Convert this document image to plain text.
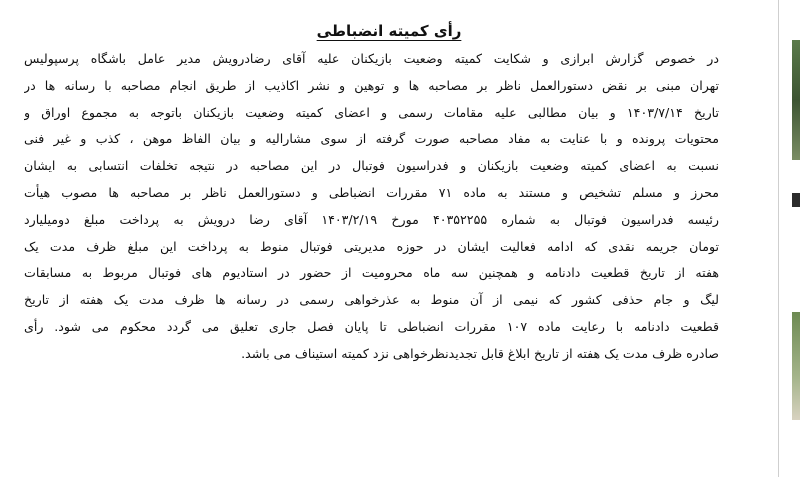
رأی کمیته انضباطی
در خصوص گزارش ابرازی و شکایت کمیته وضعیت بازیکنان علیه آقای رضادرویش مدیر عامل باشگاه پرسپولیس
تهران مبنی بر نقض دستورالعمل ناظر بر مصاحبه ها و توهین و نشر اکاذیب از طریق انجام مصاحبه با رسانه ها در
تاریخ ۱۴۰۳/۷/۱۴ و بیان مطالبی علیه مقامات رسمی و اعضای کمیته وضعیت بازیکنان باتوجه به مجموع اوراق و
محتویات پرونده و با عنایت به مفاد مصاحبه صورت گرفته از سوی مشارالیه و بیان الفاظ موهن ، کذب و غیر فنی
نسبت به اعضای کمیته وضعیت بازیکنان و فدراسیون فوتبال در این مصاحبه در نتیجه تخلفات انتسابی به ایشان
محرز و مسلم تشخیص و مستند به ماده ۷۱ مقررات انضباطی و دستورالعمل ناظر بر مصاحبه ها مصوب هیأت
رئیسه فدراسیون فوتبال به شماره ۴۰۳۵۲۲۵۵ مورخ ۱۴۰۳/۲/۱۹ آقای رضا درویش به پرداخت مبلغ دومیلیارد
تومان جریمه نقدی که ادامه فعالیت ایشان در حوزه مدیریتی فوتبال منوط به پرداخت این مبلغ ظرف مدت یک
هفته از تاریخ قطعیت دادنامه و همچنین سه ماه محرومیت از حضور در استادیوم های فوتبال مربوط به مسابقات
لیگ و جام حذفی کشور که نیمی از آن منوط به عذرخواهی رسمی در رسانه ها ظرف مدت یک هفته از تاریخ
قطعیت دادنامه با رعایت ماده ۱۰۷ مقررات انضباطی تا پایان فصل جاری تعلیق می گردد محکوم می شود. رأی
صادره ظرف مدت یک هفته از تاریخ ابلاغ قابل تجدیدنظرخواهی نزد کمیته استیناف می باشد.
